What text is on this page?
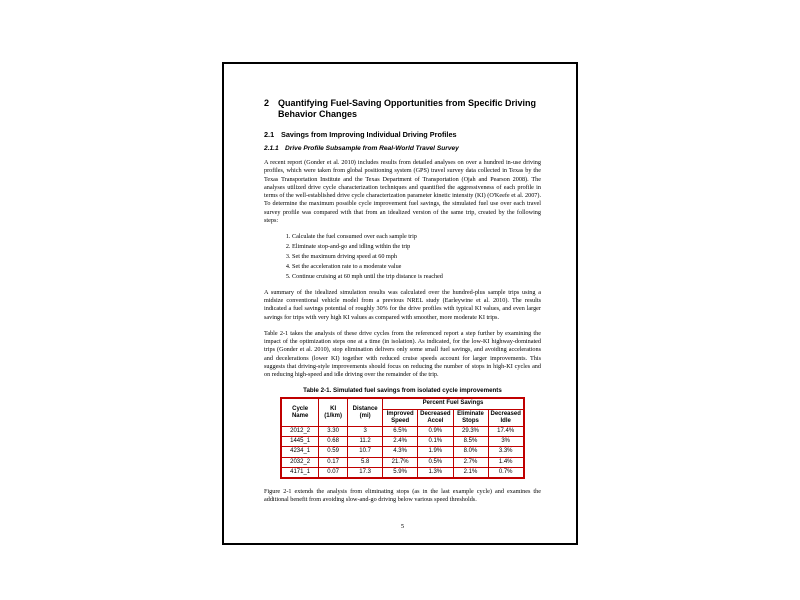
2 Quantifying Fuel-Saving Opportunities from Specific Driving Behavior Changes
2.1 Savings from Improving Individual Driving Profiles
2.1.1 Drive Profile Subsample from Real-World Travel Survey

A recent report (Gonder et al. 2010) includes results from detailed analyses on over a hundred in-use driving profiles, which were taken from global positioning system (GPS) travel survey data collected in Texas by the Texas Transportation Institute and the Texas Department of Transportation (Ojah and Pearson 2008). The analyses utilized drive cycle characterization techniques and quantified the aggressiveness of each profile in terms of the well-established drive cycle characterization parameter kinetic intensity (KI) (O'Keefe et al. 2007). To determine the maximum possible cycle improvement fuel savings, the simulated fuel use over each travel survey profile was compared with that from an idealized version of the same trip, created by the following steps:

1. Calculate the fuel consumed over each sample trip
2. Eliminate stop-and-go and idling within the trip
3. Set the maximum driving speed at 60 mph
4. Set the acceleration rate to a moderate value
5. Continue cruising at 60 mph until the trip distance is reached

A summary of the idealized simulation results was calculated over the hundred-plus sample trips using a midsize conventional vehicle model from a previous NREL study (Earleywine et al. 2010). The results indicated a fuel savings potential of roughly 30% for the drive profiles with typical KI values, and even larger savings for trips with very high KI values as compared with smoother, more moderate KI trips.

Table 2-1 takes the analysis of these drive cycles from the referenced report a step further by examining the impact of the optimization steps one at a time (in isolation). As indicated, for the low-KI highway-dominated trips (Gonder et al. 2010), stop elimination delivers only some small fuel savings, and avoiding accelerations and decelerations (lower KI) together with reduced cruise speeds account for larger improvements. This suggests that driving-style improvements should focus on reducing the number of stops in high-KI cycles and on reducing high-speed and idle driving over the remainder of the trip.

Table 2-1. Simulated fuel savings from isolated cycle improvements
Cycle Name	KI (1/km)	Distance (mi)	Percent Fuel Savings			
			Improved Speed	Decreased Accel	Eliminate Stops	Decreased Idle
2012_2	3.30	3	6.5%	0.9%	29.3%	17.4%
1445_1	0.68	11.2	2.4%	0.1%	8.5%	3%
4234_1	0.59	10.7	4.3%	1.9%	8.0%	3.3%
2032_2	0.17	5.8	21.7%	0.5%	2.7%	1.4%
4171_1	0.07	17.3	5.9%	1.3%	2.1%	0.7%

Figure 2-1 extends the analysis from eliminating stops (as in the last example cycle) and examines the additional benefit from avoiding slow-and-go driving below various speed thresholds.

5
